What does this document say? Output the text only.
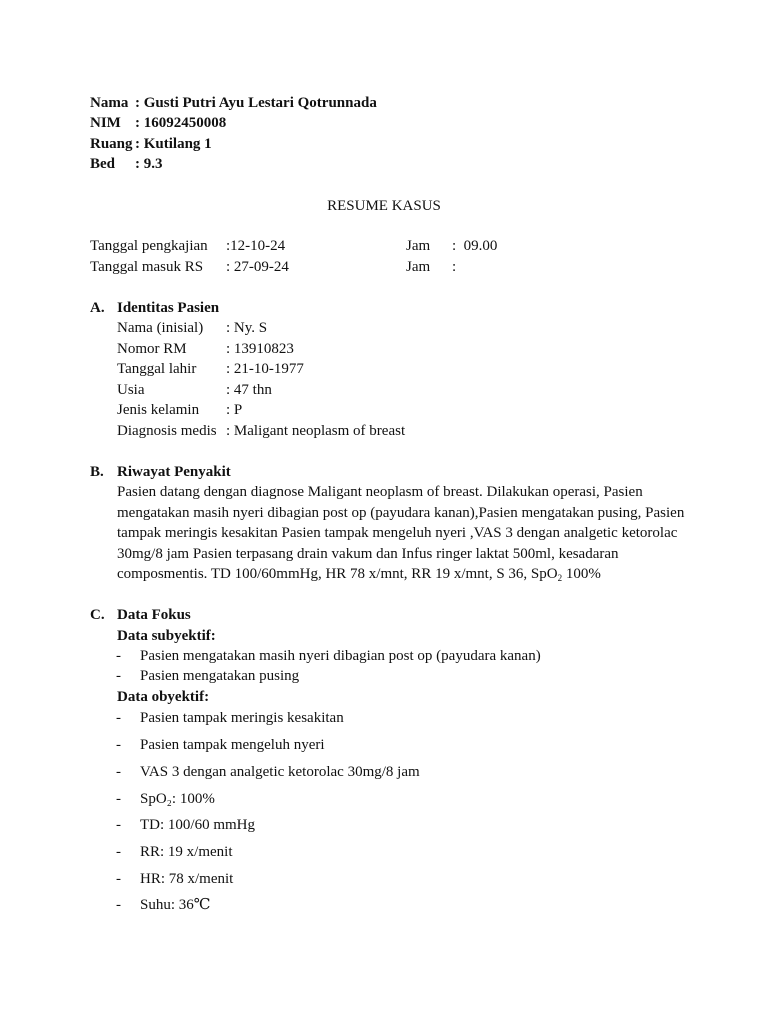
Nama : Gusti Putri Ayu Lestari Qotrunnada
NIM : 16092450008
Ruang : Kutilang 1
Bed : 9.3
RESUME KASUS
Tanggal pengkajian :12-10-24	Jam :  09.00
Tanggal masuk RS : 27-09-24	Jam :
A. Identitas Pasien
Nama (inisial) : Ny. S
Nomor RM	: 13910823
Tanggal lahir : 21-10-1977
Usia	: 47 thn
Jenis kelamin : P
Diagnosis medis : Maligant neoplasm of breast
B. Riwayat Penyakit
Pasien datang dengan diagnose Maligant neoplasm of breast. Dilakukan operasi, Pasien mengatakan masih nyeri dibagian post op (payudara kanan),Pasien mengatakan pusing, Pasien tampak meringis kesakitan Pasien tampak mengeluh nyeri ,VAS 3 dengan analgetic ketorolac 30mg/8 jam Pasien terpasang drain vakum dan Infus ringer laktat 500ml, kesadaran composmentis. TD 100/60mmHg, HR 78 x/mnt, RR 19 x/mnt, S 36, SpO$_2$ 100%
C. Data Fokus
Data subyektif:
- Pasien mengatakan masih nyeri dibagian post op (payudara kanan)
- Pasien mengatakan pusing
Data obyektif:
- Pasien tampak meringis kesakitan
- Pasien tampak mengeluh nyeri
- VAS 3 dengan analgetic ketorolac 30mg/8 jam
- SpO₂: 100%
- TD: 100/60 mmHg
- RR: 19 x/menit
- HR: 78 x/menit
- Suhu: 36℃
